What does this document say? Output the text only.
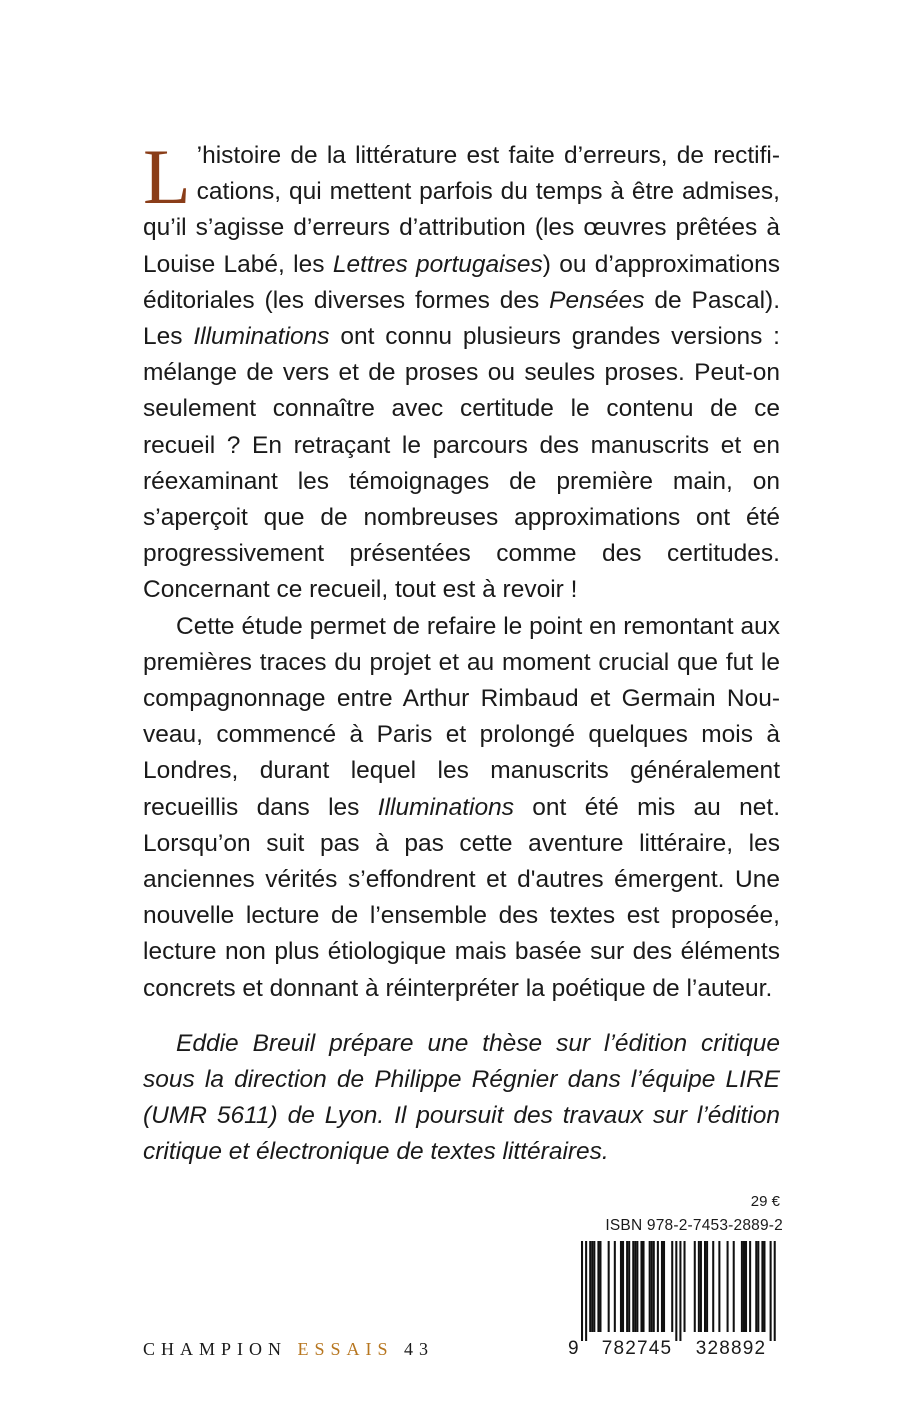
L ’histoire de la littérature est faite d’erreurs, de rectifications, qui mettent parfois du temps à être admises, qu’il s’agisse d’erreurs d’attribution (les œuvres prêtées à Louise Labé, les Lettres portugaises) ou d’approximations éditoriales (les diverses formes des Pensées de Pascal). Les Illuminations ont connu plusieurs grandes versions : mélange de vers et de proses ou seules proses. Peut-on seulement connaître avec certitude le contenu de ce recueil ? En retraçant le parcours des manuscrits et en réexaminant les témoignages de première main, on s’aperçoit que de nombreuses approximations ont été progressivement présentées comme des certitudes. Concernant ce recueil, tout est à revoir !

Cette étude permet de refaire le point en remontant aux premières traces du projet et au moment crucial que fut le compagnonnage entre Arthur Rimbaud et Germain Nouveau, commencé à Paris et prolongé quelques mois à Londres, durant lequel les manuscrits généralement recueillis dans les Illuminations ont été mis au net. Lorsqu’on suit pas à pas cette aventure littéraire, les anciennes vérités s’effondrent et d'autres émergent. Une nouvelle lecture de l’ensemble des textes est proposée, lecture non plus étiologique mais basée sur des éléments concrets et donnant à réinterpréter la poétique de l’auteur.

Eddie Breuil prépare une thèse sur l’édition critique sous la direction de Philippe Régnier dans l’équipe LIRE (UMR 5611) de Lyon. Il poursuit des travaux sur l’édition critique et électronique de textes littéraires.

29 €
ISBN 978-2-7453-2889-2
9 782745 328892
CHAMPION ESSAIS 43
